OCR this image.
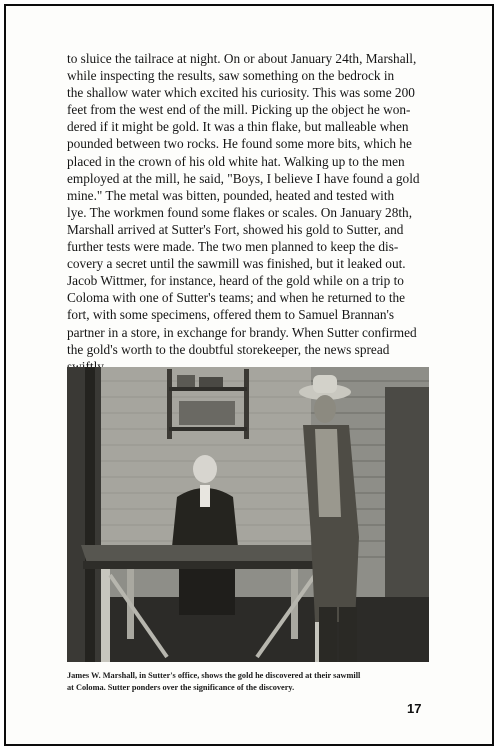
to sluice the tailrace at night. On or about January 24th, Marshall,
while inspecting the results, saw something on the bedrock in
the shallow water which excited his curiosity. This was some 200
feet from the west end of the mill. Picking up the object he won-
dered if it might be gold. It was a thin flake, but malleable when
pounded between two rocks. He found some more bits, which he
placed in the crown of his old white hat. Walking up to the men
employed at the mill, he said, "Boys, I believe I have found a gold
mine." The metal was bitten, pounded, heated and tested with
lye. The workmen found some flakes or scales. On January 28th,
Marshall arrived at Sutter's Fort, showed his gold to Sutter, and
further tests were made. The two men planned to keep the dis-
covery a secret until the sawmill was finished, but it leaked out.
Jacob Wittmer, for instance, heard of the gold while on a trip to
Coloma with one of Sutter's teams; and when he returned to the
fort, with some specimens, offered them to Samuel Brannan's
partner in a store, in exchange for brandy. When Sutter confirmed
the gold's worth to the doubtful storekeeper, the news spread
James W. Marshall, in Sutter's office, shows the gold he discovered at their sawmill
at Coloma. Sutter ponders over the significance of the discovery.
17
